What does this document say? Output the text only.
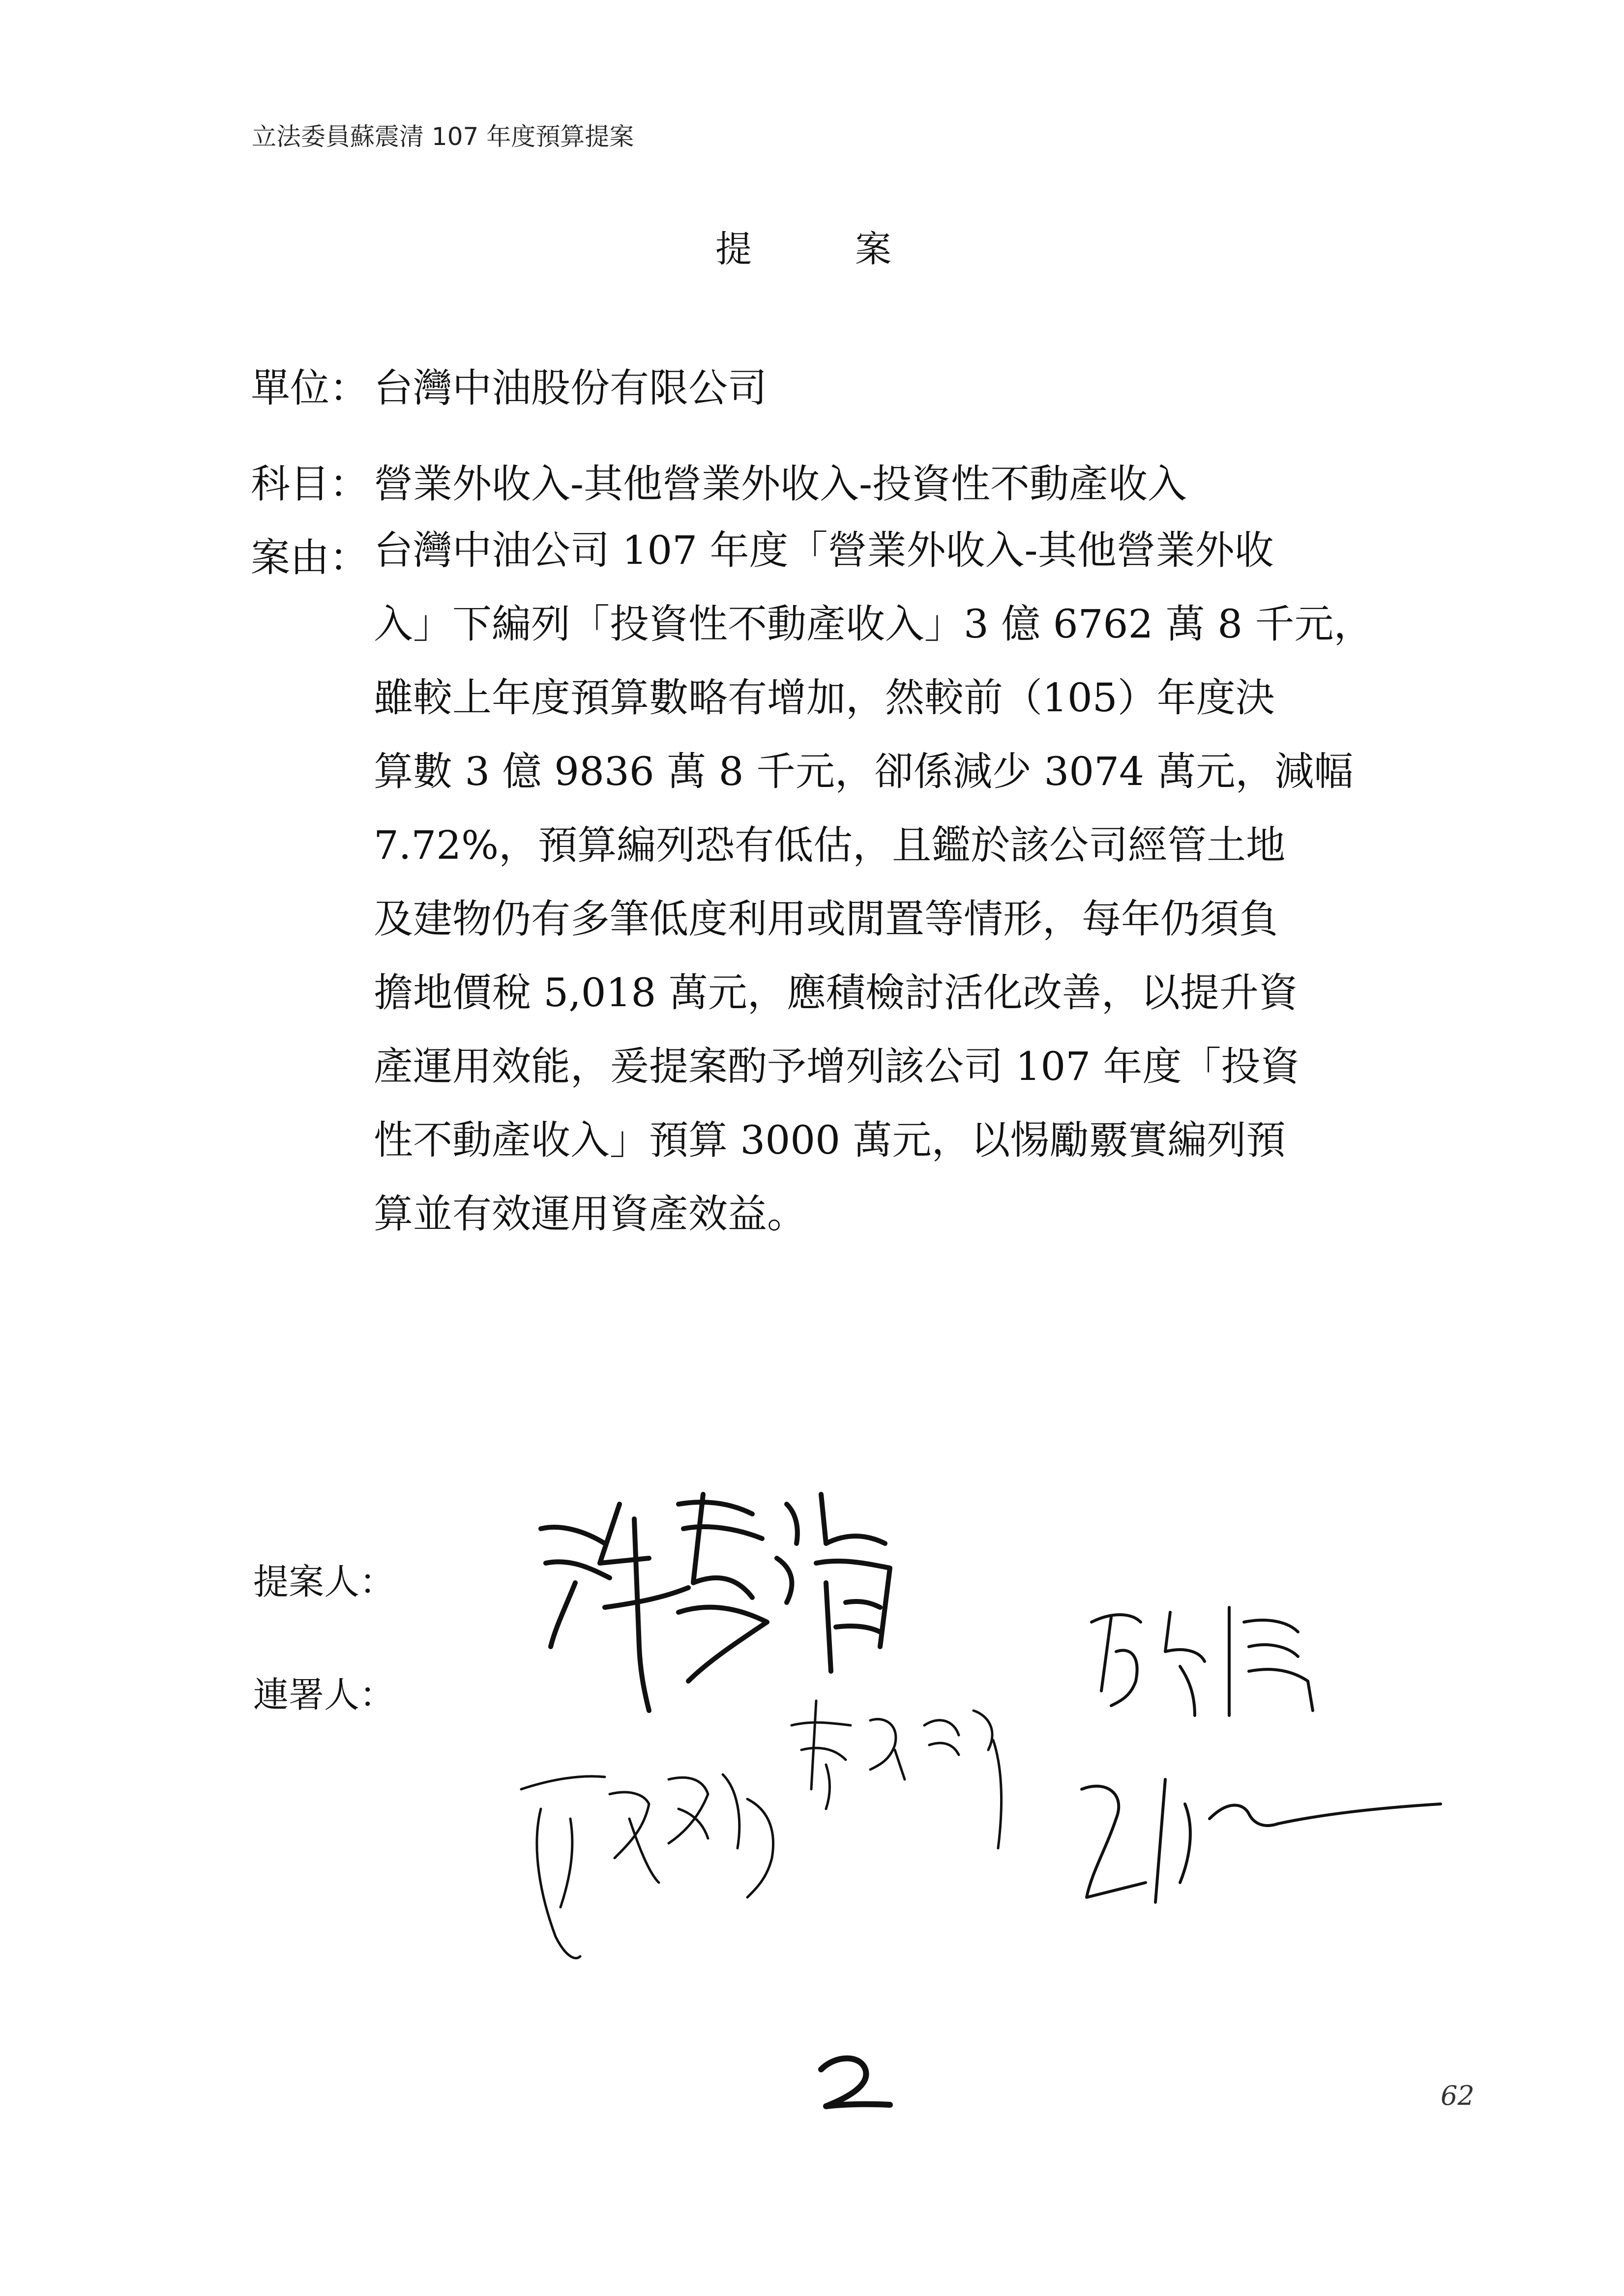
立法委員蘇震清 107 年度預算提案
提案
單位： 台灣中油股份有限公司
科目： 營業外收入-其他營業外收入-投資性不動產收入
案由： 台灣中油公司 107 年度「營業外收入-其他營業外收
入」下編列「投資性不動產收入」3 億 6762 萬 8 千元，
雖較上年度預算數略有增加，然較前（105）年度決
算數 3 億 9836 萬 8 千元，卻係減少 3074 萬元，減幅
7.72%，預算編列恐有低估，且鑑於該公司經管土地
及建物仍有多筆低度利用或閒置等情形，每年仍須負
擔地價稅 5,018 萬元，應積檢討活化改善，以提升資
產運用效能，爰提案酌予增列該公司 107 年度「投資
性不動產收入」預算 3000 萬元，以惕勵覈實編列預
算並有效運用資產效益。
提案人：
連署人：
62
